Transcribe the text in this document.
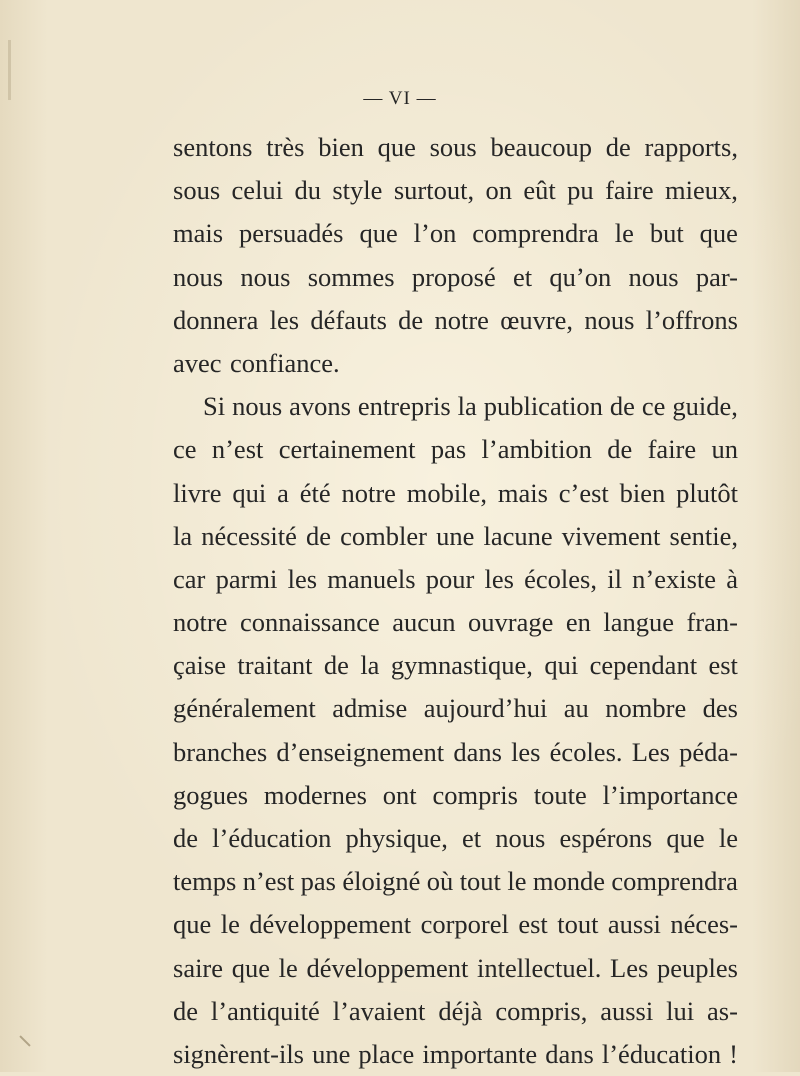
— VI —
sentons très bien que sous beaucoup de rapports,
sous celui du style surtout, on eût pu faire mieux,
mais persuadés que l’on comprendra le but que
nous nous sommes proposé et qu’on nous par-
donnera les défauts de notre œuvre, nous l’offrons
avec confiance.
Si nous avons entrepris la publication de ce guide,
ce n’est certainement pas l’ambition de faire un
livre qui a été notre mobile, mais c’est bien plutôt
la nécessité de combler une lacune vivement sentie,
car parmi les manuels pour les écoles, il n’existe à
notre connaissance aucun ouvrage en langue fran-
çaise traitant de la gymnastique, qui cependant est
généralement admise aujourd’hui au nombre des
branches d’enseignement dans les écoles. Les péda-
gogues modernes ont compris toute l’importance
de l’éducation physique, et nous espérons que le
temps n’est pas éloigné où tout le monde comprendra
que le développement corporel est tout aussi néces-
saire que le développement intellectuel. Les peuples
de l’antiquité l’avaient déjà compris, aussi lui as-
signèrent-ils une place importante dans l’éducation !
